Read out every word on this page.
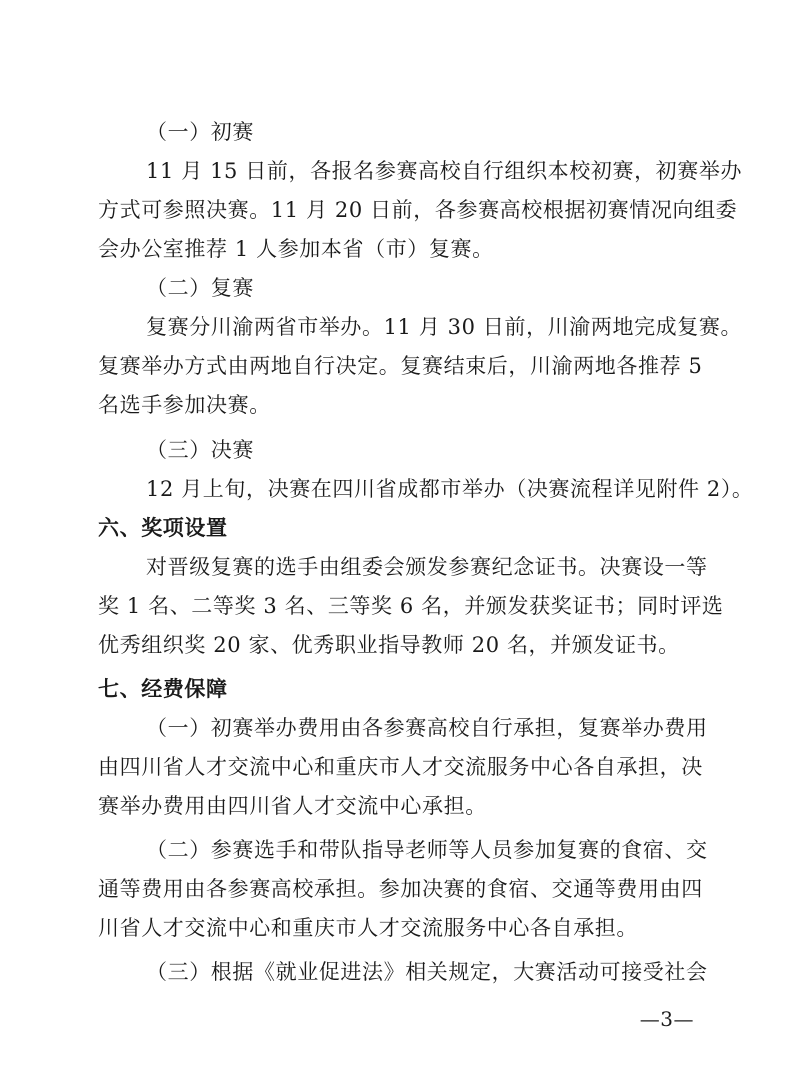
（一）初赛
11 月 15 日前，各报名参赛高校自行组织本校初赛，初赛举办
方式可参照决赛。11 月 20 日前，各参赛高校根据初赛情况向组委
会办公室推荐 1 人参加本省（市）复赛。
（二）复赛
复赛分川渝两省市举办。11 月 30 日前，川渝两地完成复赛。
复赛举办方式由两地自行决定。复赛结束后，川渝两地各推荐 5
名选手参加决赛。
（三）决赛
12 月上旬，决赛在四川省成都市举办（决赛流程详见附件 2）。
六、奖项设置
对晋级复赛的选手由组委会颁发参赛纪念证书。决赛设一等
奖 1 名、二等奖 3 名、三等奖 6 名，并颁发获奖证书；同时评选
优秀组织奖 20 家、优秀职业指导教师 20 名，并颁发证书。
七、经费保障
（一）初赛举办费用由各参赛高校自行承担，复赛举办费用
由四川省人才交流中心和重庆市人才交流服务中心各自承担，决
赛举办费用由四川省人才交流中心承担。
（二）参赛选手和带队指导老师等人员参加复赛的食宿、交
通等费用由各参赛高校承担。参加决赛的食宿、交通等费用由四
川省人才交流中心和重庆市人才交流服务中心各自承担。
（三）根据《就业促进法》相关规定，大赛活动可接受社会
—3—
